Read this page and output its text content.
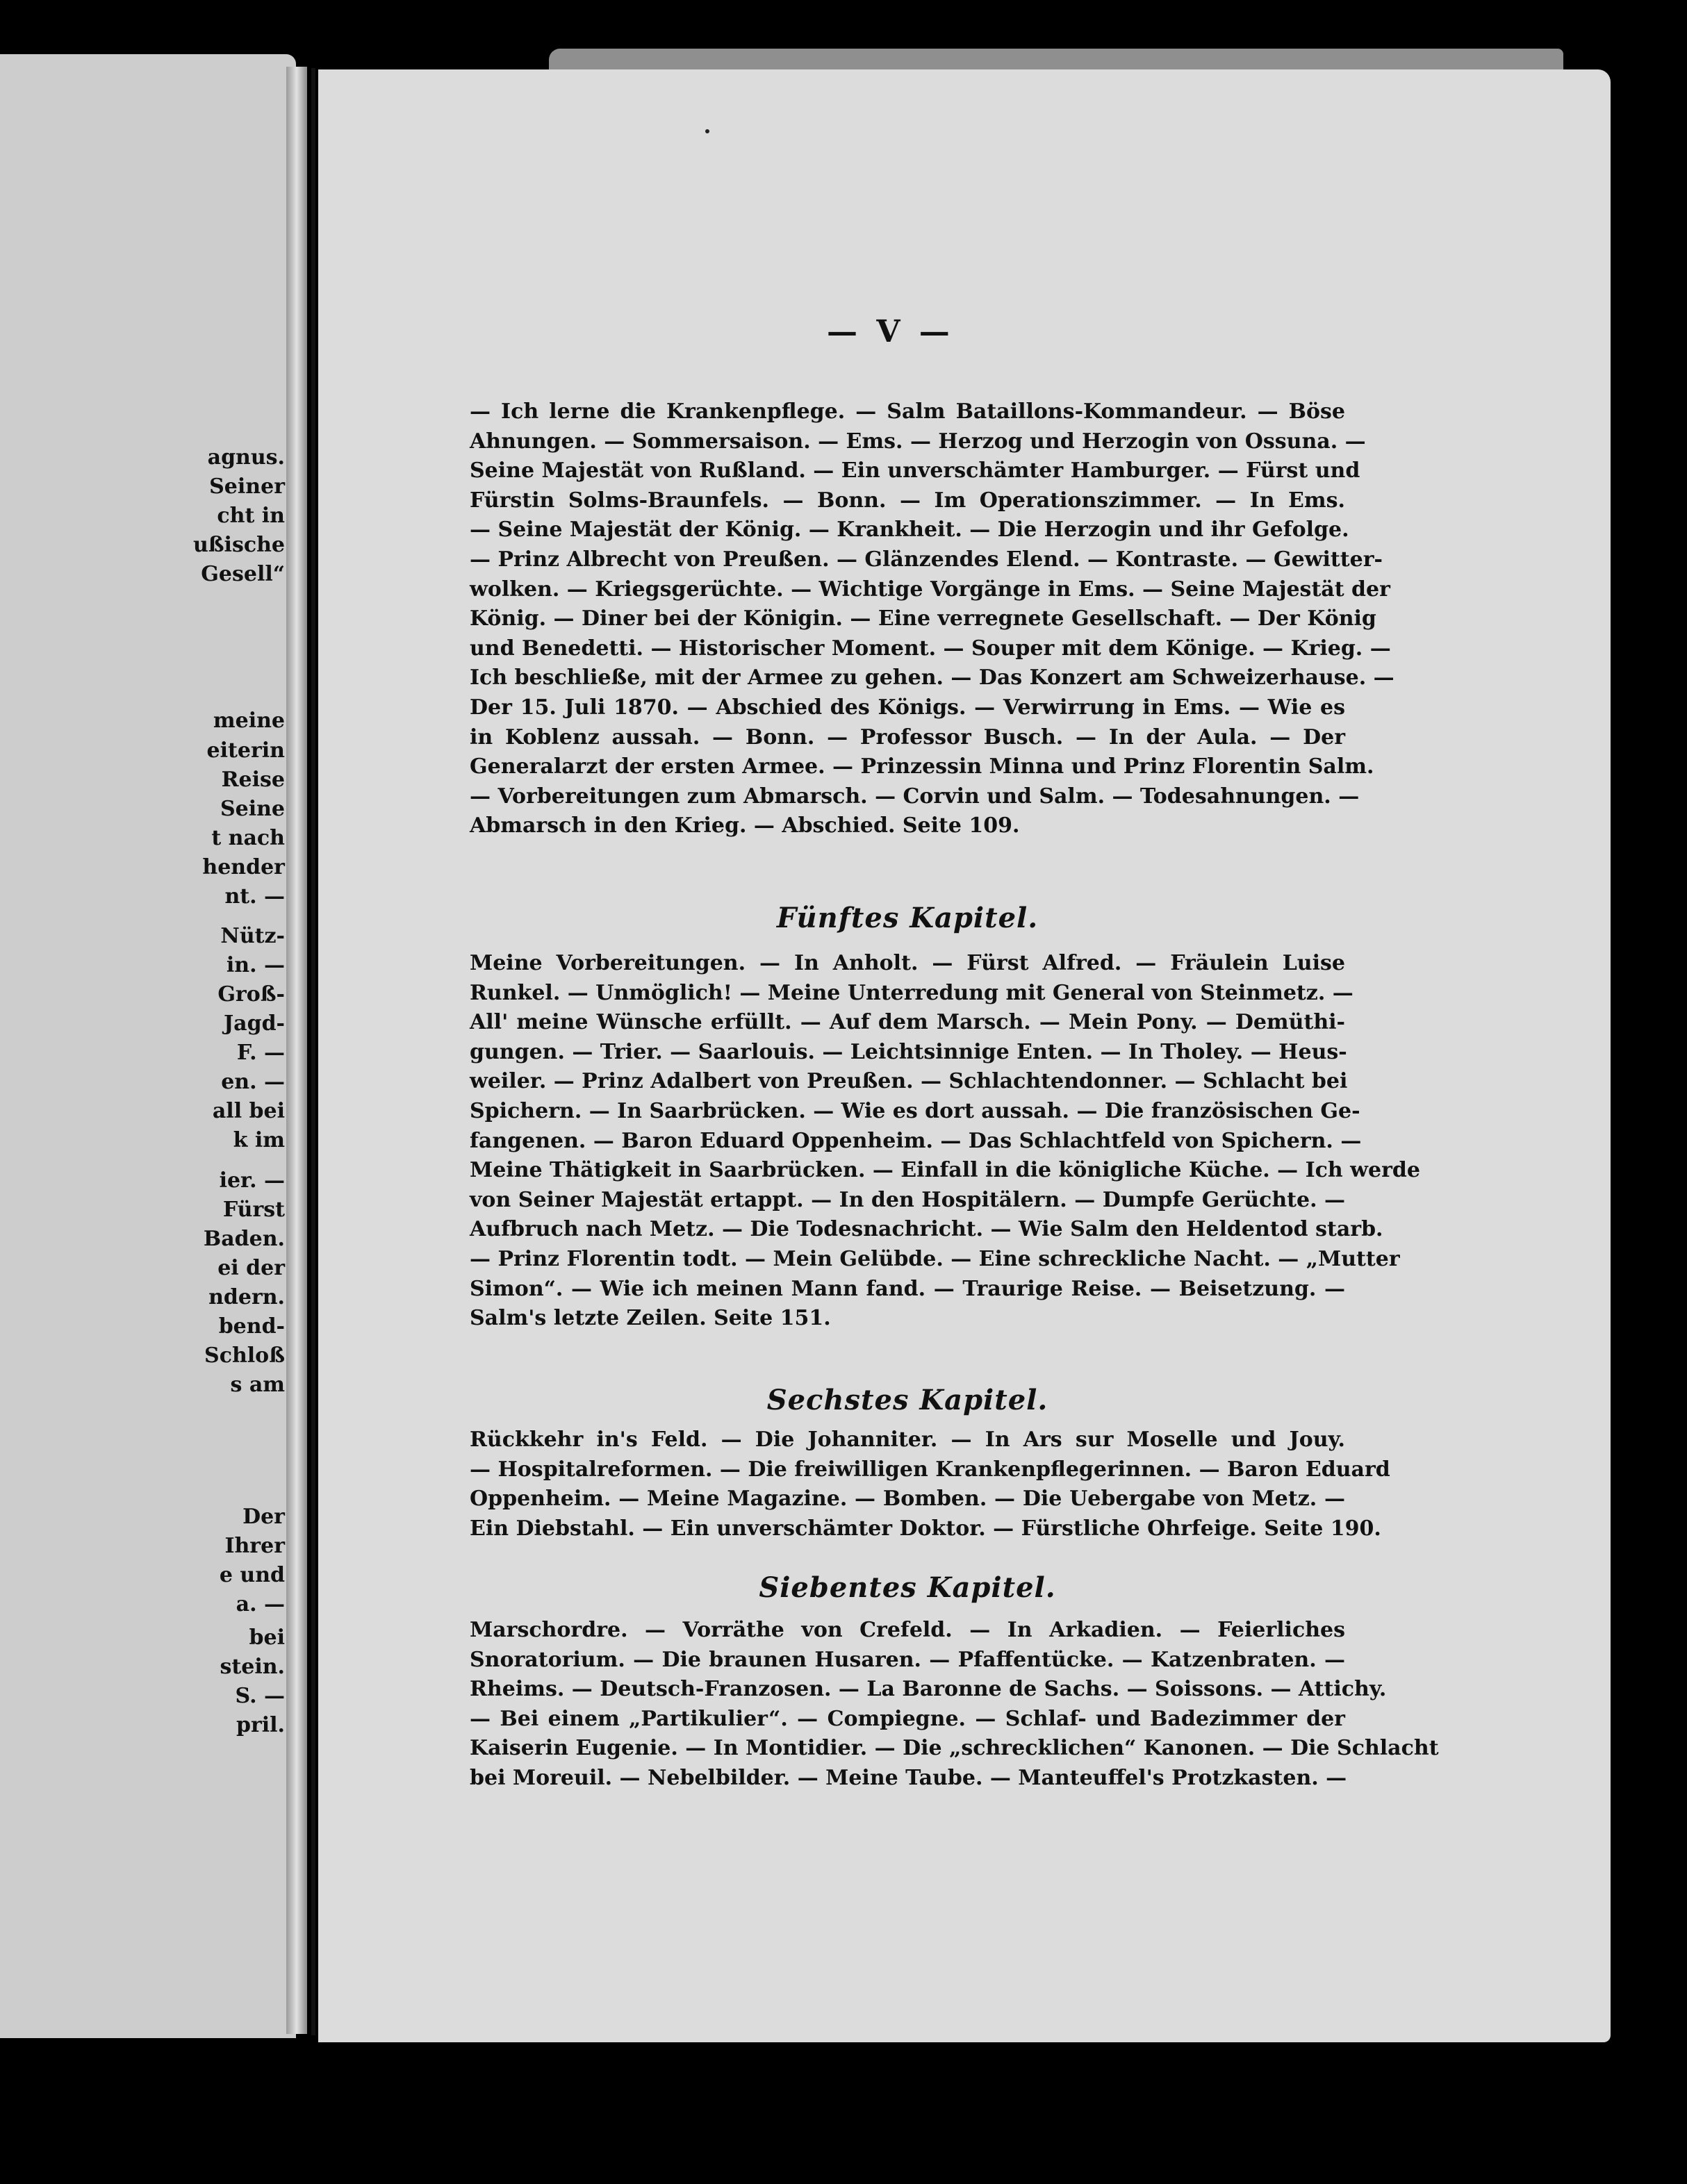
agnus.
Seiner
cht in
ußische
Gesell“
meine
eiterin
Reise
Seine
t nach
hender
nt. —
Nütz-
in. —
Groß-
Jagd-
F. —
en. —
all bei
k im
ier. —
Fürst
Baden.
ei der
ndern.
bend-
Schloß
s am
Der
Ihrer
e und
a. —
bei
stein.
S. —
pril.
— V —
— Ich lerne die Krankenpflege. — Salm Bataillons-Kommandeur. — Böse
Ahnungen. — Sommersaison. — Ems. — Herzog und Herzogin von Ossuna. —
Seine Majestät von Rußland. — Ein unverschämter Hamburger. — Fürst und
Fürstin Solms-Braunfels. — Bonn. — Im Operationszimmer. — In Ems.
— Seine Majestät der König. — Krankheit. — Die Herzogin und ihr Gefolge.
— Prinz Albrecht von Preußen. — Glänzendes Elend. — Kontraste. — Gewitter-
wolken. — Kriegsgerüchte. — Wichtige Vorgänge in Ems. — Seine Majestät der
König. — Diner bei der Königin. — Eine verregnete Gesellschaft. — Der König
und Benedetti. — Historischer Moment. — Souper mit dem Könige. — Krieg. —
Ich beschließe, mit der Armee zu gehen. — Das Konzert am Schweizerhause. —
Der 15. Juli 1870. — Abschied des Königs. — Verwirrung in Ems. — Wie es
in Koblenz aussah. — Bonn. — Professor Busch. — In der Aula. — Der
Generalarzt der ersten Armee. — Prinzessin Minna und Prinz Florentin Salm.
— Vorbereitungen zum Abmarsch. — Corvin und Salm. — Todesahnungen. —
Abmarsch in den Krieg. — Abschied. Seite 109.
Fünftes Kapitel.
Meine Vorbereitungen. — In Anholt. — Fürst Alfred. — Fräulein Luise
Runkel. — Unmöglich! — Meine Unterredung mit General von Steinmetz. —
All' meine Wünsche erfüllt. — Auf dem Marsch. — Mein Pony. — Demüthi-
gungen. — Trier. — Saarlouis. — Leichtsinnige Enten. — In Tholey. — Heus-
weiler. — Prinz Adalbert von Preußen. — Schlachtendonner. — Schlacht bei
Spichern. — In Saarbrücken. — Wie es dort aussah. — Die französischen Ge-
fangenen. — Baron Eduard Oppenheim. — Das Schlachtfeld von Spichern. —
Meine Thätigkeit in Saarbrücken. — Einfall in die königliche Küche. — Ich werde
von Seiner Majestät ertappt. — In den Hospitälern. — Dumpfe Gerüchte. —
Aufbruch nach Metz. — Die Todesnachricht. — Wie Salm den Heldentod starb.
— Prinz Florentin todt. — Mein Gelübde. — Eine schreckliche Nacht. — „Mutter
Simon“. — Wie ich meinen Mann fand. — Traurige Reise. — Beisetzung. —
Salm's letzte Zeilen. Seite 151.
Sechstes Kapitel.
Rückkehr in's Feld. — Die Johanniter. — In Ars sur Moselle und Jouy.
— Hospitalreformen. — Die freiwilligen Krankenpflegerinnen. — Baron Eduard
Oppenheim. — Meine Magazine. — Bomben. — Die Uebergabe von Metz. —
Ein Diebstahl. — Ein unverschämter Doktor. — Fürstliche Ohrfeige. Seite 190.
Siebentes Kapitel.
Marschordre. — Vorräthe von Crefeld. — In Arkadien. — Feierliches
Snoratorium. — Die braunen Husaren. — Pfaffentücke. — Katzenbraten. —
Rheims. — Deutsch-Franzosen. — La Baronne de Sachs. — Soissons. — Attichy.
— Bei einem „Partikulier“. — Compiegne. — Schlaf- und Badezimmer der
Kaiserin Eugenie. — In Montidier. — Die „schrecklichen“ Kanonen. — Die Schlacht
bei Moreuil. — Nebelbilder. — Meine Taube. — Manteuffel's Protzkasten. —
